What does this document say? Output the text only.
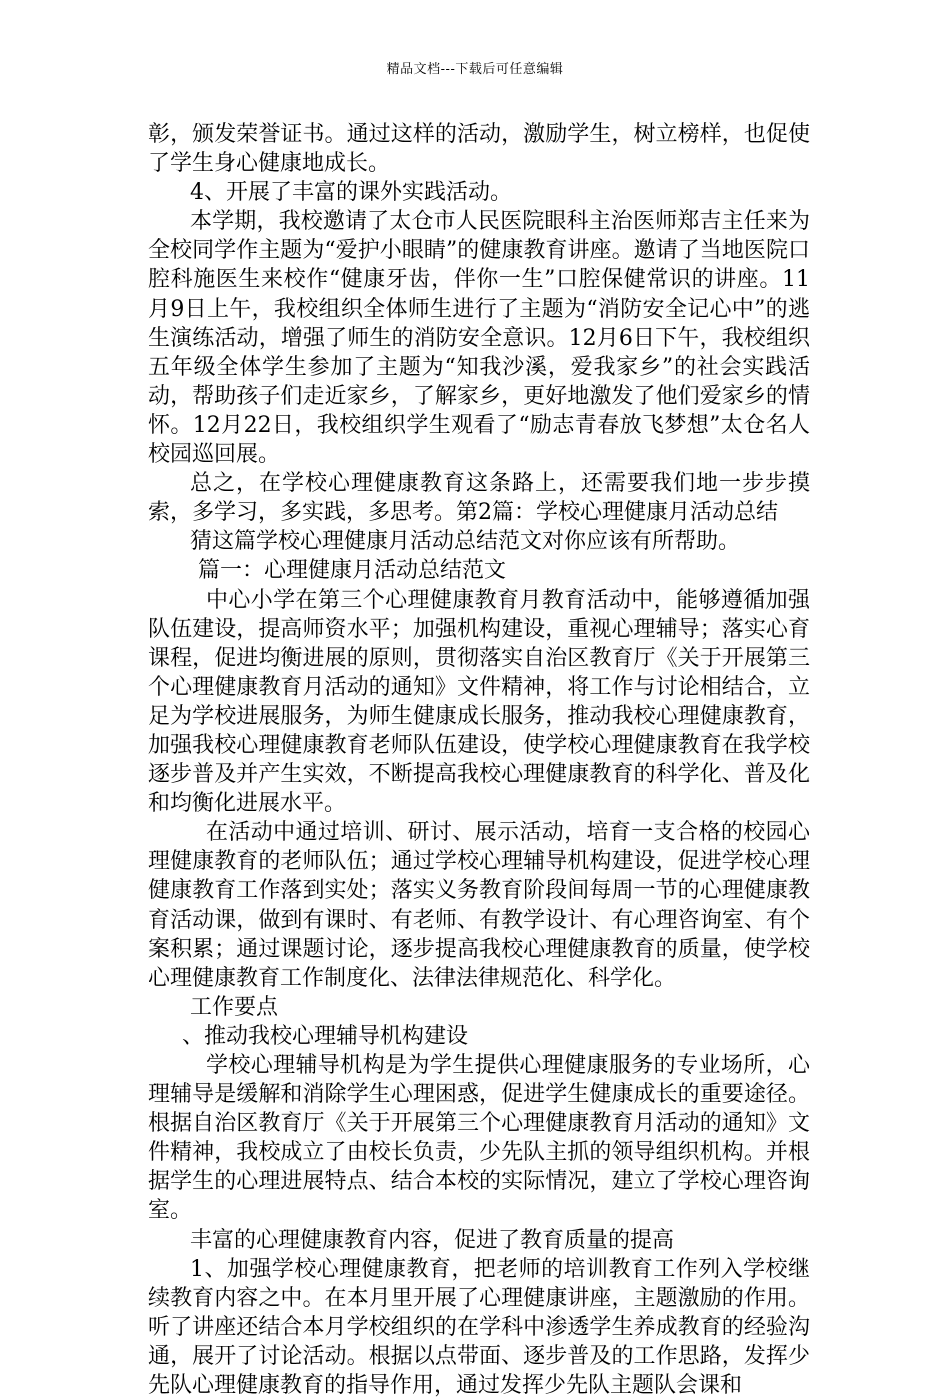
精品文档---下载后可任意编辑

彰，颁发荣誉证书。通过这样的活动，激励学生，树立榜样，也促使了学生身心健康地成长。

4、开展了丰富的课外实践活动。

本学期，我校邀请了太仓市人民医院眼科主治医师郑吉主任来为全校同学作主题为“爱护小眼睛”的健康教育讲座。邀请了当地医院口腔科施医生来校作“健康牙齿，伴你一生”口腔保健常识的讲座。11月9日上午，我校组织全体师生进行了主题为“消防安全记心中”的逃生演练活动，增强了师生的消防安全意识。12月6日下午，我校组织五年级全体学生参加了主题为“知我沙溪，爱我家乡”的社会实践活动，帮助孩子们走近家乡，了解家乡，更好地激发了他们爱家乡的情怀。12月22日，我校组织学生观看了“励志青春放飞梦想”太仓名人校园巡回展。

总之，在学校心理健康教育这条路上，还需要我们地一步步摸索，多学习，多实践，多思考。第2篇：学校心理健康月活动总结

猜这篇学校心理健康月活动总结范文对你应该有所帮助。

篇一：心理健康月活动总结范文

中心小学在第三个心理健康教育月教育活动中，能够遵循加强队伍建设，提高师资水平；加强机构建设，重视心理辅导；落实心育课程，促进均衡进展的原则，贯彻落实自治区教育厅《关于开展第三个心理健康教育月活动的通知》文件精神，将工作与讨论相结合，立足为学校进展服务，为师生健康成长服务，推动我校心理健康教育，加强我校心理健康教育老师队伍建设，使学校心理健康教育在我学校逐步普及并产生实效，不断提高我校心理健康教育的科学化、普及化和均衡化进展水平。

在活动中通过培训、研讨、展示活动，培育一支合格的校园心理健康教育的老师队伍；通过学校心理辅导机构建设，促进学校心理健康教育工作落到实处；落实义务教育阶段间每周一节的心理健康教育活动课，做到有课时、有老师、有教学设计、有心理咨询室、有个案积累；通过课题讨论，逐步提高我校心理健康教育的质量，使学校心理健康教育工作制度化、法律法律规范化、科学化。

工作要点

、推动我校心理辅导机构建设

学校心理辅导机构是为学生提供心理健康服务的专业场所，心理辅导是缓解和消除学生心理困惑，促进学生健康成长的重要途径。根据自治区教育厅《关于开展第三个心理健康教育月活动的通知》文件精神，我校成立了由校长负责，少先队主抓的领导组织机构。并根据学生的心理进展特点、结合本校的实际情况，建立了学校心理咨询室。

丰富的心理健康教育内容，促进了教育质量的提高

1、加强学校心理健康教育，把老师的培训教育工作列入学校继续教育内容之中。在本月里开展了心理健康讲座，主题激励的作用。听了讲座还结合本月学校组织的在学科中渗透学生养成教育的经验沟通，展开了讨论活动。根据以点带面、逐步普及的工作思路，发挥少先队心理健康教育的指导作用，通过发挥少先队主题队会课和
